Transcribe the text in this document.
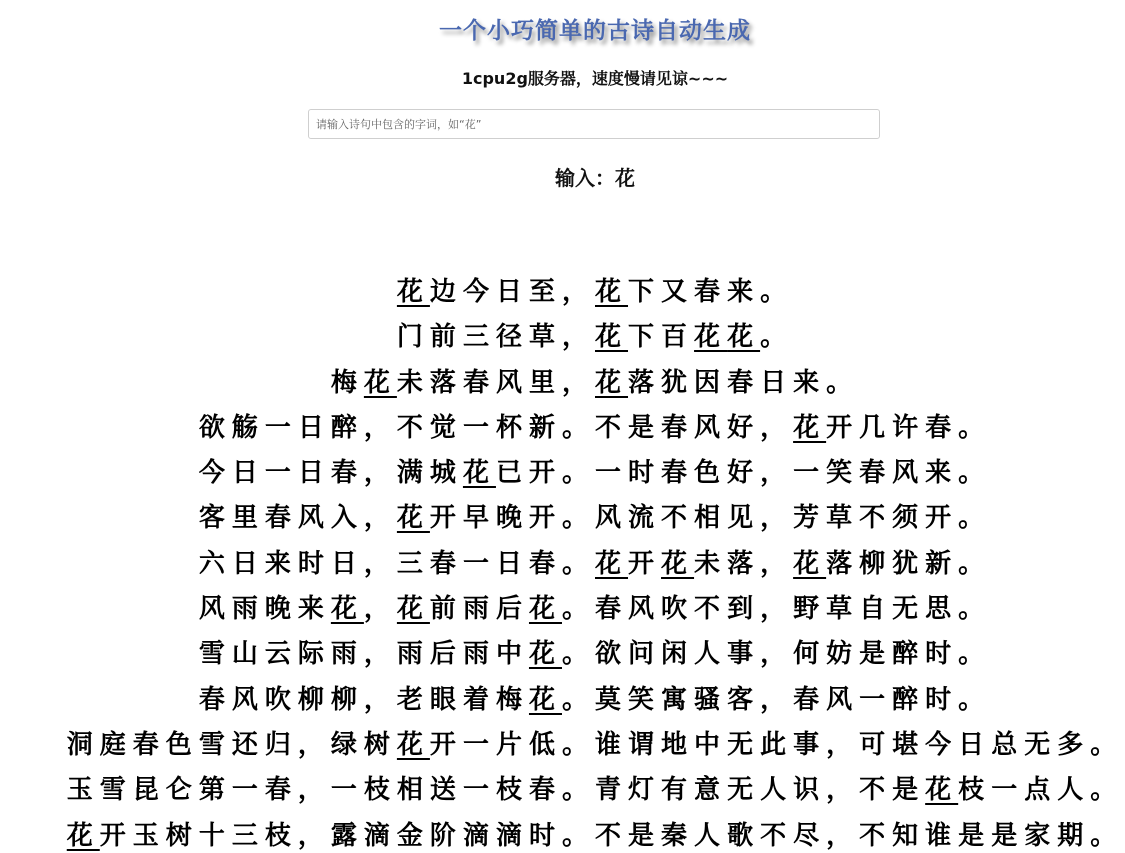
一个小巧简单的古诗自动生成
1cpu2g服务器，速度慢请见谅~~~
请输入诗句中包含的字词，如“花”
输入：花
花边今日至，花下又春来。
门前三径草，花下百花花。
梅花未落春风里，花落犹因春日来。
欲觞一日醉，不觉一杯新。不是春风好，花开几许春。
今日一日春，满城花已开。一时春色好，一笑春风来。
客里春风入，花开早晚开。风流不相见，芳草不须开。
六日来时日，三春一日春。花开花未落，花落柳犹新。
风雨晚来花，花前雨后花。春风吹不到，野草自无思。
雪山云际雨，雨后雨中花。欲问闲人事，何妨是醉时。
春风吹柳柳，老眼着梅花。莫笑寓骚客，春风一醉时。
洞庭春色雪还归，绿树花开一片低。谁谓地中无此事，可堪今日总无多。
玉雪昆仑第一春，一枝相送一枝春。青灯有意无人识，不是花枝一点人。
花开玉树十三枝，露滴金阶滴滴时。不是秦人歌不尽，不知谁是是家期。
